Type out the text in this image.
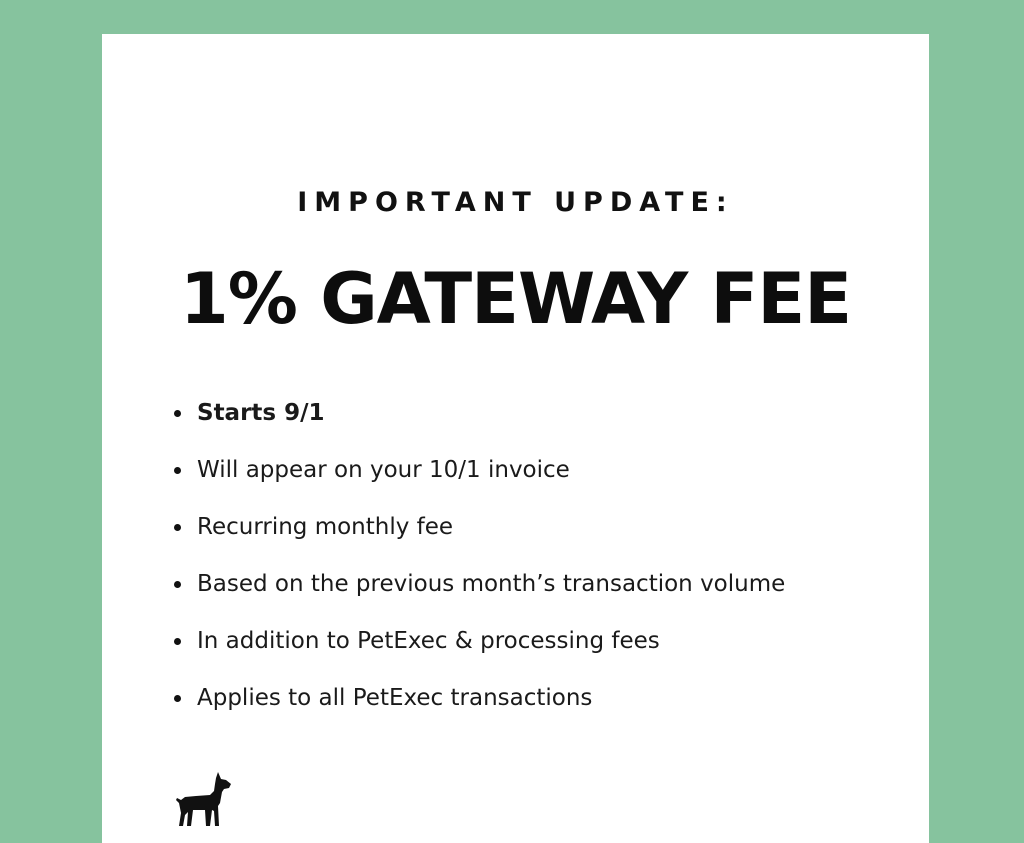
IMPORTANT UPDATE:
1% GATEWAY FEE
Starts 9/1
Will appear on your 10/1 invoice
Recurring monthly fee
Based on the previous month’s transaction volume
In addition to PetExec & processing fees
Applies to all PetExec transactions
